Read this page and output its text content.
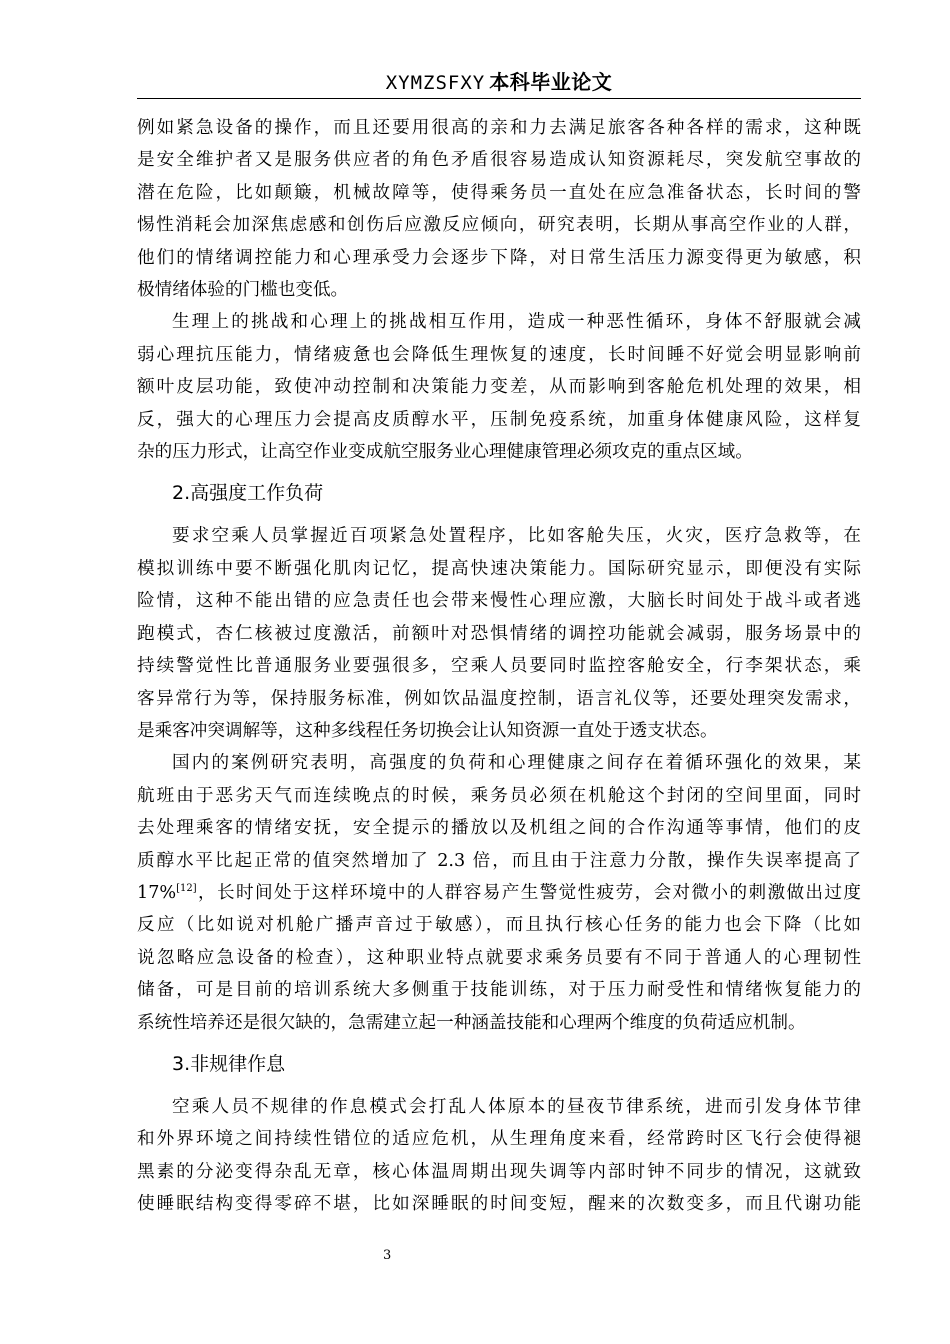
XYMZSFXY 本科毕业论文

例如紧急设备的操作，而且还要用很高的亲和力去满足旅客各种各样的需求，这种既
是安全维护者又是服务供应者的角色矛盾很容易造成认知资源耗尽，突发航空事故的
潜在危险，比如颠簸，机械故障等，使得乘务员一直处在应急准备状态，长时间的警
惕性消耗会加深焦虑感和创伤后应激反应倾向，研究表明，长期从事高空作业的人群，
他们的情绪调控能力和心理承受力会逐步下降，对日常生活压力源变得更为敏感，积
极情绪体验的门槛也变低。

生理上的挑战和心理上的挑战相互作用，造成一种恶性循环，身体不舒服就会减
弱心理抗压能力，情绪疲惫也会降低生理恢复的速度，长时间睡不好觉会明显影响前
额叶皮层功能，致使冲动控制和决策能力变差，从而影响到客舱危机处理的效果，相
反，强大的心理压力会提高皮质醇水平，压制免疫系统，加重身体健康风险，这样复
杂的压力形式，让高空作业变成航空服务业心理健康管理必须攻克的重点区域。

2.高强度工作负荷

要求空乘人员掌握近百项紧急处置程序，比如客舱失压，火灾，医疗急救等，在
模拟训练中要不断强化肌肉记忆，提高快速决策能力。国际研究显示，即便没有实际
险情，这种不能出错的应急责任也会带来慢性心理应激，大脑长时间处于战斗或者逃
跑模式，杏仁核被过度激活，前额叶对恐惧情绪的调控功能就会减弱，服务场景中的
持续警觉性比普通服务业要强很多，空乘人员要同时监控客舱安全，行李架状态，乘
客异常行为等，保持服务标准，例如饮品温度控制，语言礼仪等，还要处理突发需求，
是乘客冲突调解等，这种多线程任务切换会让认知资源一直处于透支状态。

国内的案例研究表明，高强度的负荷和心理健康之间存在着循环强化的效果，某
航班由于恶劣天气而连续晚点的时候，乘务员必须在机舱这个封闭的空间里面，同时
去处理乘客的情绪安抚，安全提示的播放以及机组之间的合作沟通等事情，他们的皮
质醇水平比起正常的值突然增加了 2.3 倍，而且由于注意力分散，操作失误率提高了
17%[12]，长时间处于这样环境中的人群容易产生警觉性疲劳，会对微小的刺激做出过度
反应（比如说对机舱广播声音过于敏感），而且执行核心任务的能力也会下降（比如
说忽略应急设备的检查），这种职业特点就要求乘务员要有不同于普通人的心理韧性
储备，可是目前的培训系统大多侧重于技能训练，对于压力耐受性和情绪恢复能力的
系统性培养还是很欠缺的，急需建立起一种涵盖技能和心理两个维度的负荷适应机制。

3.非规律作息

空乘人员不规律的作息模式会打乱人体原本的昼夜节律系统，进而引发身体节律
和外界环境之间持续性错位的适应危机，从生理角度来看，经常跨时区飞行会使得褪
黑素的分泌变得杂乱无章，核心体温周期出现失调等内部时钟不同步的情况，这就致
使睡眠结构变得零碎不堪，比如深睡眠的时间变短，醒来的次数变多，而且代谢功能

3
